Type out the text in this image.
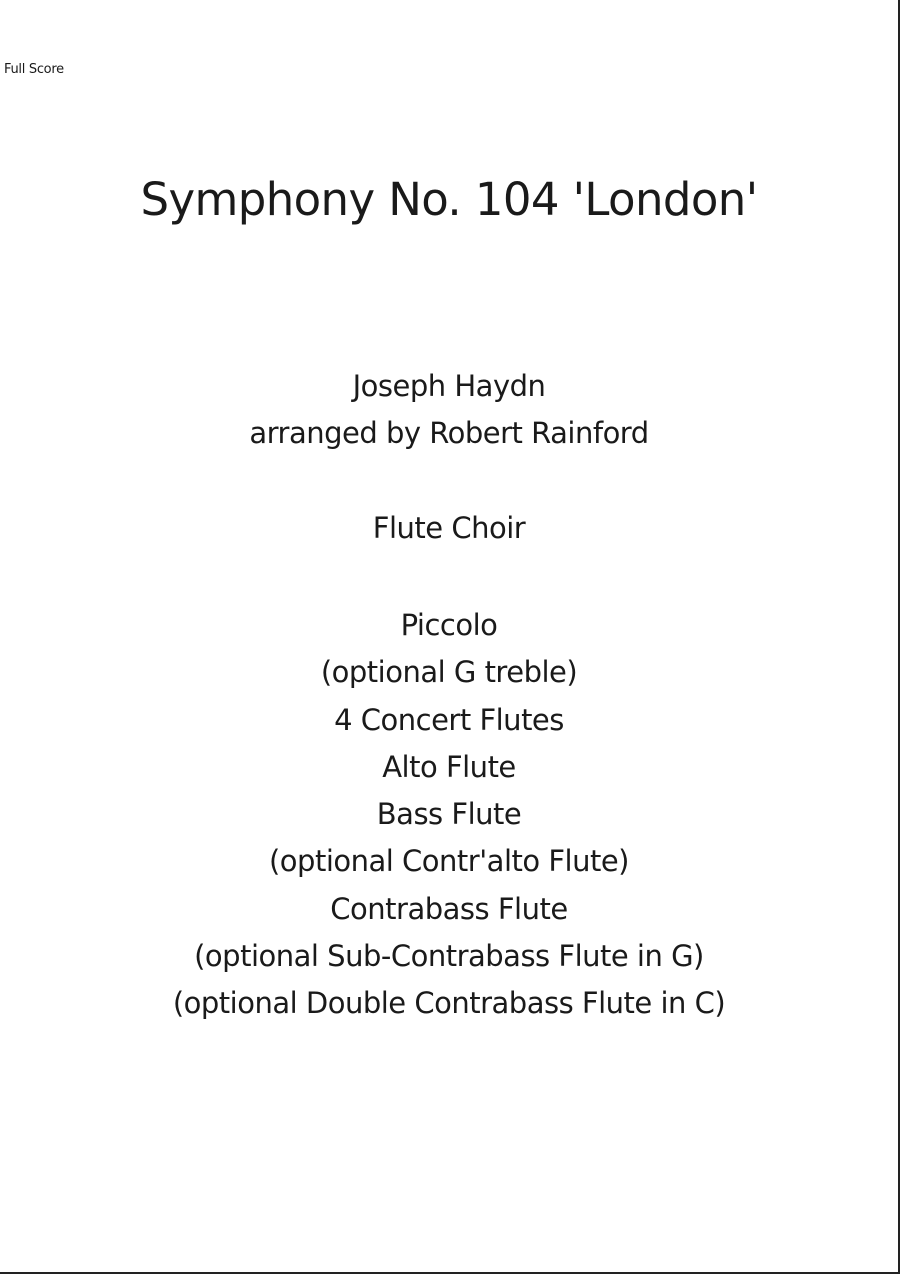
Full Score
Symphony No. 104 'London'
Joseph Haydn
arranged by Robert Rainford
Flute Choir
Piccolo
(optional G treble)
4 Concert Flutes
Alto Flute
Bass Flute
(optional Contr'alto Flute)
Contrabass Flute
(optional Sub-Contrabass Flute in G)
(optional Double Contrabass Flute in C)
